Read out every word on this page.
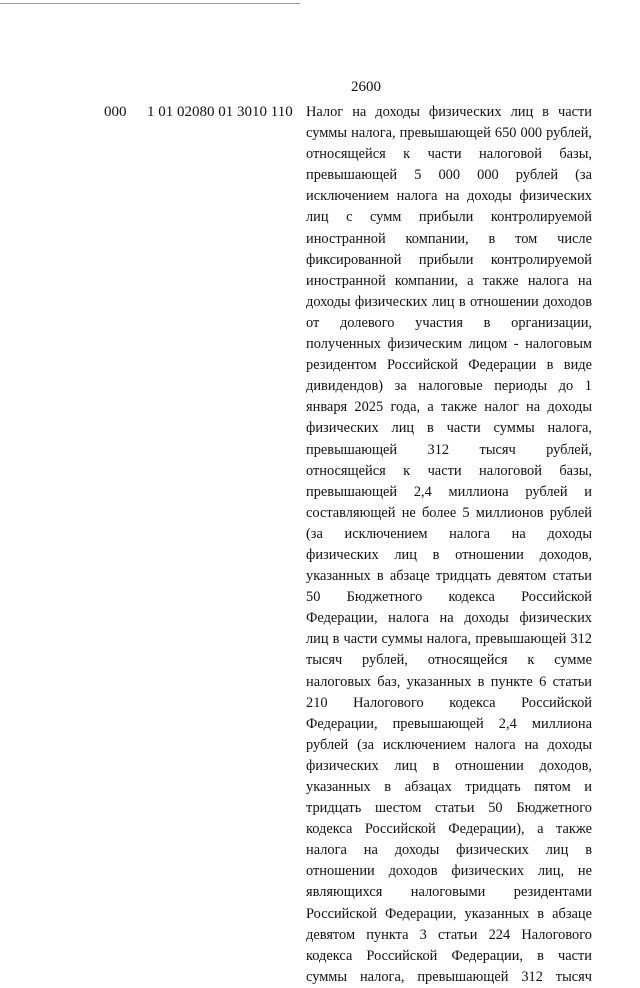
2600
000 1 01 02080 01 3010 110 Налог на доходы физических лиц в части
суммы налога, превышающей 650 000 рублей,
относящейся к части налоговой базы,
превышающей 5 000 000 рублей (за
исключением налога на доходы физических
лиц с сумм прибыли контролируемой
иностранной компании, в том числе
фиксированной прибыли контролируемой
иностранной компании, а также налога на
доходы физических лиц в отношении доходов
от долевого участия в организации,
полученных физическим лицом - налоговым
резидентом Российской Федерации в виде
дивидендов) за налоговые периоды до 1
января 2025 года, а также налог на доходы
физических лиц в части суммы налога,
превышающей 312 тысяч рублей,
относящейся к части налоговой базы,
превышающей 2,4 миллиона рублей и
составляющей не более 5 миллионов рублей
(за исключением налога на доходы
физических лиц в отношении доходов,
указанных в абзаце тридцать девятом статьи
50 Бюджетного кодекса Российской
Федерации, налога на доходы физических
лиц в части суммы налога, превышающей 312
тысяч рублей, относящейся к сумме
налоговых баз, указанных в пункте 6 статьи
210 Налогового кодекса Российской
Федерации, превышающей 2,4 миллиона
рублей (за исключением налога на доходы
физических лиц в отношении доходов,
указанных в абзацах тридцать пятом и
тридцать шестом статьи 50 Бюджетного
кодекса Российской Федерации), а также
налога на доходы физических лиц в
отношении доходов физических лиц, не
являющихся налоговыми резидентами
Российской Федерации, указанных в абзаце
девятом пункта 3 статьи 224 Налогового
кодекса Российской Федерации, в части
суммы налога, превышающей 312 тысяч
